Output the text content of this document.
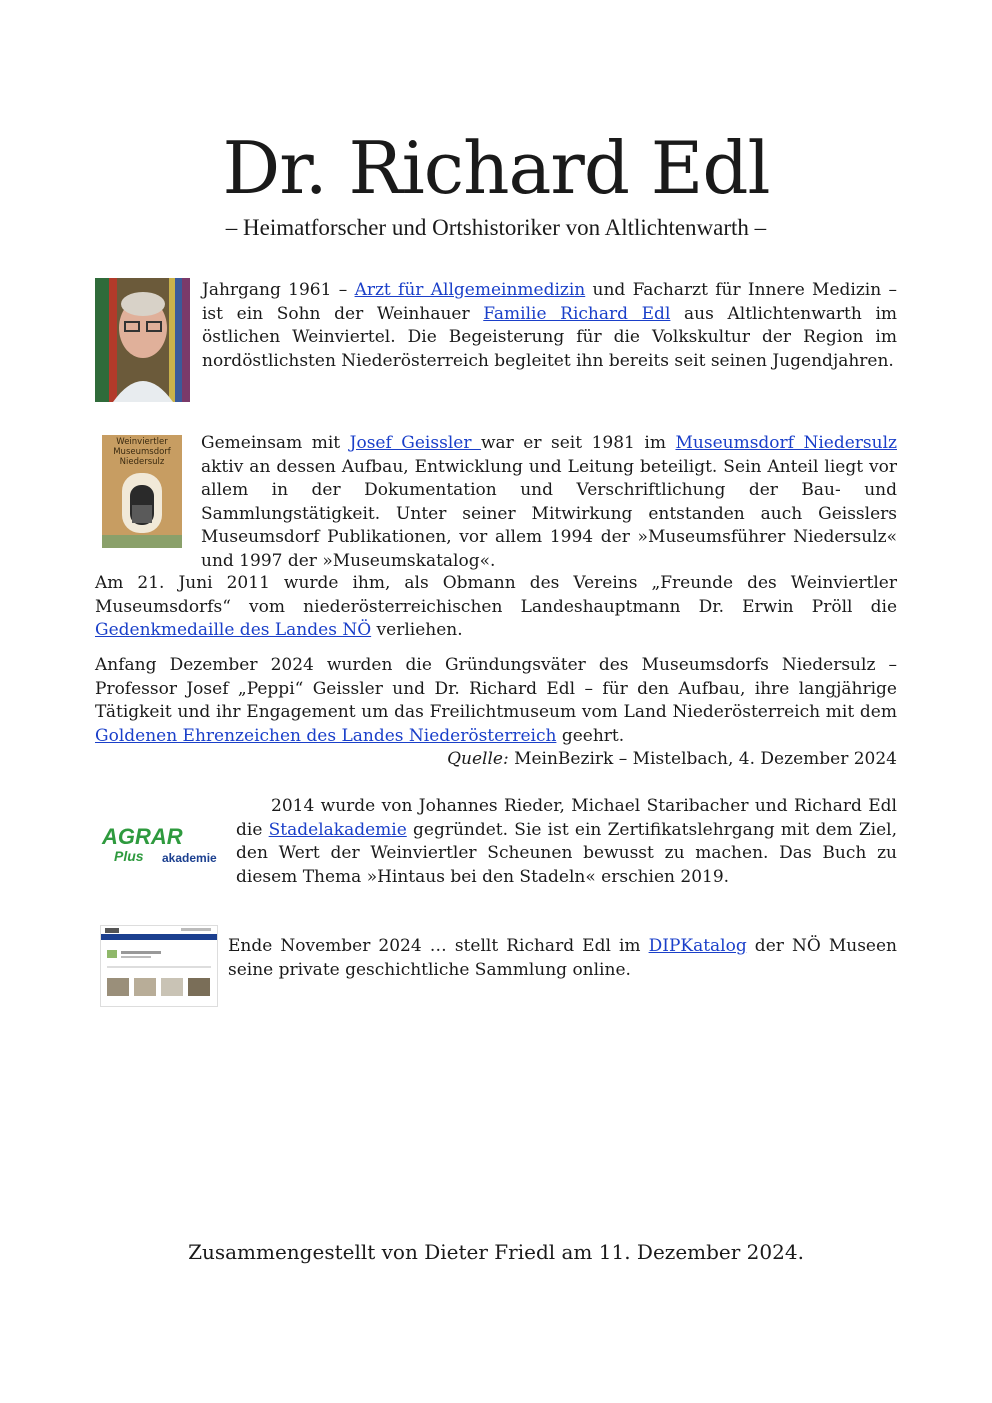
Dr. Richard Edl
– Heimatforscher und Ortshistoriker von Altlichtenwarth –

Jahrgang 1961 – Arzt für Allgemeinmedizin und Facharzt für Innere Medizin – ist ein Sohn der Weinhauer Familie Richard Edl aus Altlichtenwarth im östlichen Weinviertel. Die Begeisterung für die Volkskultur der Region im nordöstlichsten Niederösterreich begleitet ihn bereits seit seinen Jugendjahren.

Weinviertler
Museumsdorf
Niedersulz

Gemeinsam mit Josef Geissler war er seit 1981 im Museumsdorf Niedersulz aktiv an dessen Aufbau, Entwicklung und Leitung beteiligt. Sein Anteil liegt vor allem in der Dokumentation und Verschriftlichung der Bau- und Sammlungstätigkeit. Unter seiner Mitwirkung entstanden auch Geisslers Museumsdorf Publikationen, vor allem 1994 der »Museumsführer Niedersulz« und 1997 der »Museumskatalog«.

Am 21. Juni 2011 wurde ihm, als Obmann des Vereins „Freunde des Weinviertler Museumsdorfs“ vom niederösterreichischen Landeshauptmann Dr. Erwin Pröll die Gedenkmedaille des Landes NÖ verliehen.

Anfang Dezember 2024 wurden die Gründungsväter des Museumsdorfs Niedersulz – Professor Josef „Peppi“ Geissler und Dr. Richard Edl – für den Aufbau, ihre langjährige Tätigkeit und ihr Engagement um das Freilichtmuseum vom Land Niederösterreich mit dem Goldenen Ehrenzeichen des Landes Niederösterreich geehrt.

Quelle: MeinBezirk – Mistelbach, 4. Dezember 2024
AGRAR
Plus akademie

2014 wurde von Johannes Rieder, Michael Staribacher und Richard Edl die Stadelakademie gegründet. Sie ist ein Zertifikatslehrgang mit dem Ziel, den Wert der Weinviertler Scheunen bewusst zu machen. Das Buch zu diesem Thema »Hintaus bei den Stadeln« erschien 2019.

Ende November 2024 … stellt Richard Edl im DIPKatalog der NÖ Museen seine private geschichtliche Sammlung online.

Zusammengestellt von Dieter Friedl am 11. Dezember 2024.
